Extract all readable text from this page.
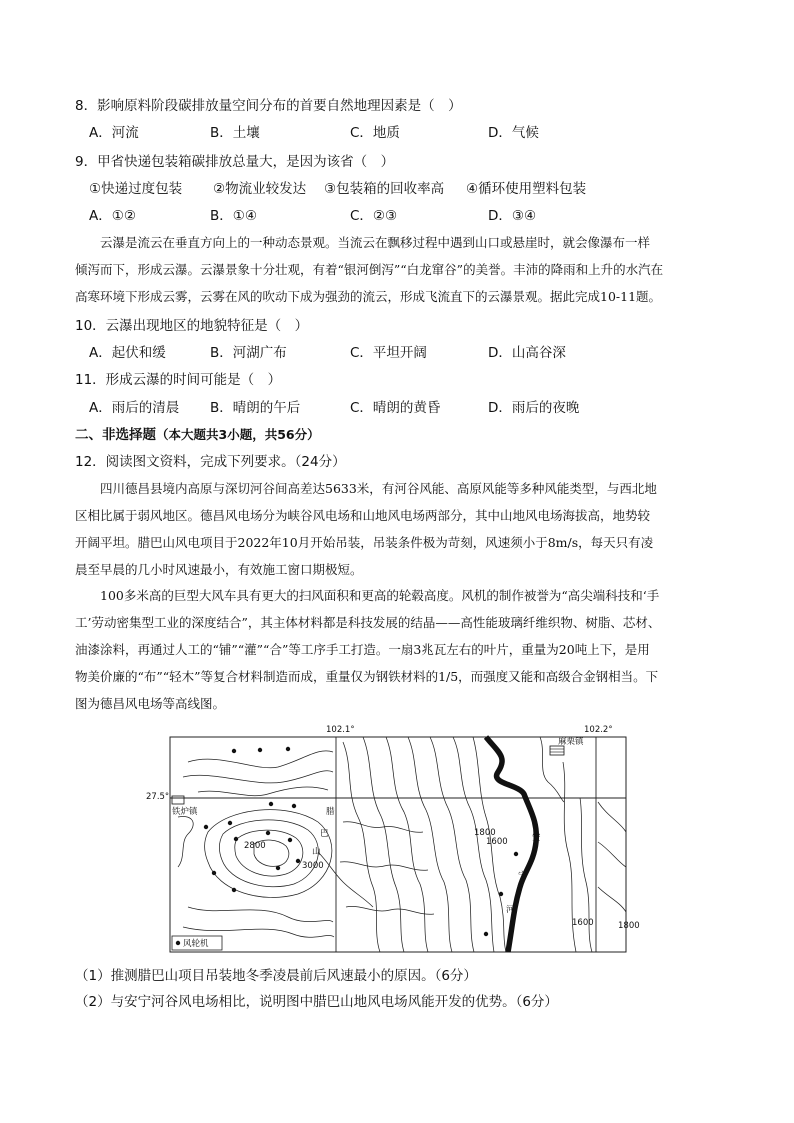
8．影响原料阶段碳排放量空间分布的首要自然地理因素是（　）
A．河流	B．土壤	C．地质	D．气候
9．甲省快递包装箱碳排放总量大，是因为该省（　）
①快递过度包装 ②物流业较发达 ③包装箱的回收率高 ④循环使用塑料包装
A．①②	B．①④	C．②③	D．③④
云瀑是流云在垂直方向上的一种动态景观。当流云在飘移过程中遇到山口或悬崖时，就会像瀑布一样
倾泻而下，形成云瀑。云瀑景象十分壮观，有着“银河倒泻”“白龙窜谷”的美誉。丰沛的降雨和上升的水汽在
高寒环境下形成云雾，云雾在风的吹动下成为强劲的流云，形成飞流直下的云瀑景观。据此完成10-11题。
10．云瀑出现地区的地貌特征是（　）
A．起伏和缓	B．河湖广布	C．平坦开阔	D．山高谷深
11．形成云瀑的时间可能是（　）
A．雨后的清晨 B．晴朗的午后	C．晴朗的黄昏	D．雨后的夜晚
二、非选择题（本大题共3小题，共56分）
12．阅读图文资料，完成下列要求。（24分）
四川德昌县境内高原与深切河谷间高差达5633米，有河谷风能、高原风能等多种风能类型，与西北地
区相比属于弱风地区。德昌风电场分为峡谷风电场和山地风电场两部分，其中山地风电场海拔高，地势较
开阔平坦。腊巴山风电项目于2022年10月开始吊装，吊装条件极为苛刻，风速须小于8m/s，每天只有凌
晨至早晨的几小时风速最小，有效施工窗口期极短。
100多米高的巨型大风车具有更大的扫风面积和更高的轮毂高度。风机的制作被誉为“高尖端科技和‘手
工’劳动密集型工业的深度结合”，其主体材料都是科技发展的结晶——高性能玻璃纤维织物、树脂、芯材、
油漆涂料，再通过人工的“铺”“灌”“合”等工序手工打造。一扇3兆瓦左右的叶片，重量为20吨上下，是用
物美价廉的“布”“轻木”等复合材料制造而成，重量仅为钢铁材料的1/5，而强度又能和高级合金钢相当。下
图为德昌风电场等高线图。
102.1°	102.2°
27.5°
麻栗镇
铁炉镇	腊
巴
山
安
宁
河
2800
3000
1800
1600
1600	1800
风轮机
（1）推测腊巴山项目吊装地冬季凌晨前后风速最小的原因。（6分）
（2）与安宁河谷风电场相比，说明图中腊巴山地风电场风能开发的优势。（6分）
